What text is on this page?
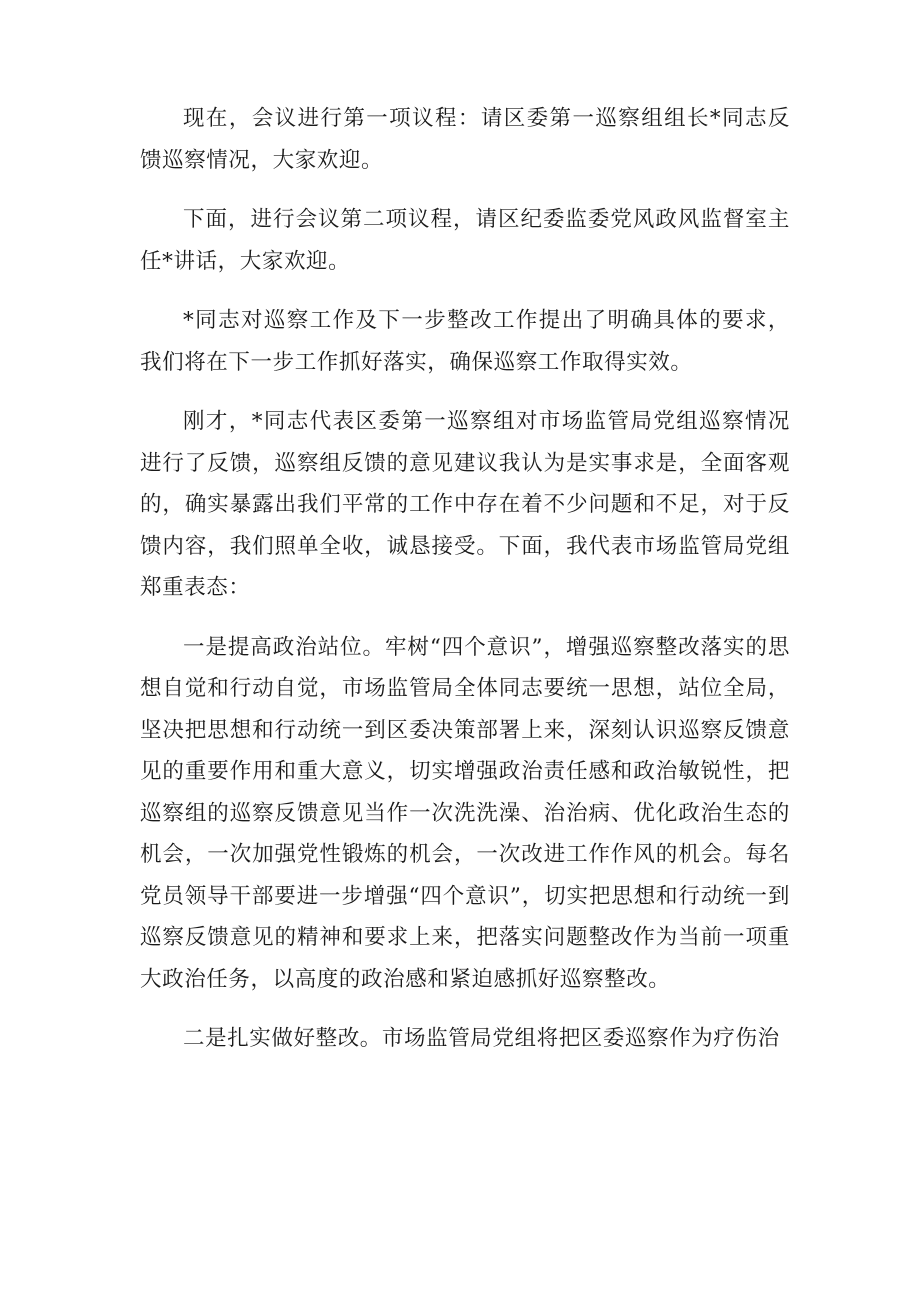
现在，会议进行第一项议程：请区委第一巡察组组长*同志反馈巡察情况，大家欢迎。

下面，进行会议第二项议程，请区纪委监委党风政风监督室主任*讲话，大家欢迎。

*同志对巡察工作及下一步整改工作提出了明确具体的要求，我们将在下一步工作抓好落实，确保巡察工作取得实效。

刚才，*同志代表区委第一巡察组对市场监管局党组巡察情况进行了反馈，巡察组反馈的意见建议我认为是实事求是，全面客观的，确实暴露出我们平常的工作中存在着不少问题和不足，对于反馈内容，我们照单全收，诚恳接受。下面，我代表市场监管局党组郑重表态：

一是提高政治站位。牢树“四个意识”，增强巡察整改落实的思想自觉和行动自觉，市场监管局全体同志要统一思想，站位全局，坚决把思想和行动统一到区委决策部署上来，深刻认识巡察反馈意见的重要作用和重大意义，切实增强政治责任感和政治敏锐性，把巡察组的巡察反馈意见当作一次洗洗澡、治治病、优化政治生态的机会，一次加强党性锻炼的机会，一次改进工作作风的机会。每名党员领导干部要进一步增强“四个意识”，切实把思想和行动统一到巡察反馈意见的精神和要求上来，把落实问题整改作为当前一项重大政治任务，以高度的政治感和紧迫感抓好巡察整改。

二是扎实做好整改。市场监管局党组将把区委巡察作为疗伤治
